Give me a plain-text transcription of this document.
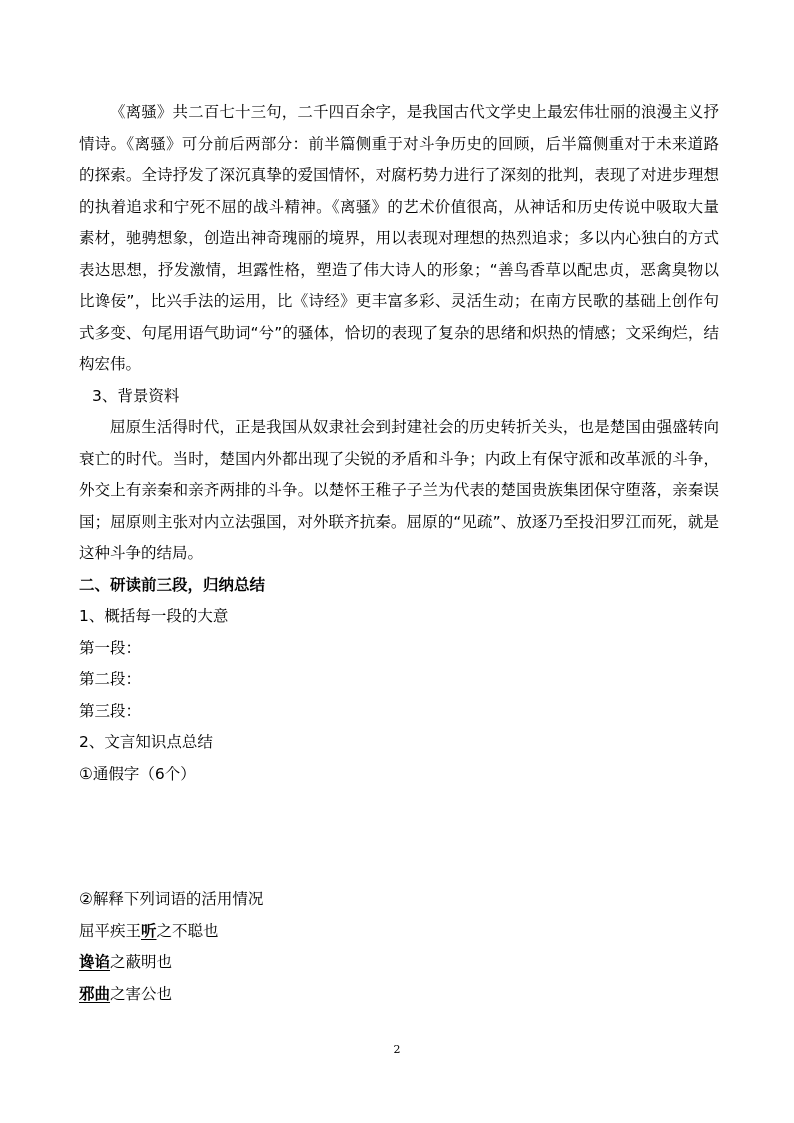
《离骚》共二百七十三句，二千四百余字，是我国古代文学史上最宏伟壮丽的浪漫主义抒情诗。《离骚》可分前后两部分：前半篇侧重于对斗争历史的回顾，后半篇侧重对于未来道路的探索。全诗抒发了深沉真挚的爱国情怀，对腐朽势力进行了深刻的批判，表现了对进步理想的执着追求和宁死不屈的战斗精神。《离骚》的艺术价值很高，从神话和历史传说中吸取大量素材，驰骋想象，创造出神奇瑰丽的境界，用以表现对理想的热烈追求；多以内心独白的方式表达思想，抒发激情，坦露性格，塑造了伟大诗人的形象；“善鸟香草以配忠贞，恶禽臭物以比谗佞”，比兴手法的运用，比《诗经》更丰富多彩、灵活生动；在南方民歌的基础上创作句式多变、句尾用语气助词“兮”的骚体，恰切的表现了复杂的思绪和炽热的情感；文采绚烂，结构宏伟。

3、背景资料

屈原生活得时代，正是我国从奴隶社会到封建社会的历史转折关头，也是楚国由强盛转向衰亡的时代。当时，楚国内外都出现了尖锐的矛盾和斗争；内政上有保守派和改革派的斗争，外交上有亲秦和亲齐两排的斗争。以楚怀王稚子子兰为代表的楚国贵族集团保守堕落，亲秦误国；屈原则主张对内立法强国，对外联齐抗秦。屈原的“见疏”、放逐乃至投汨罗江而死，就是这种斗争的结局。

二、研读前三段，归纳总结

1、概括每一段的大意

第一段：

第二段：

第三段：

2、文言知识点总结

①通假字（6个）

②解释下列词语的活用情况

屈平疾王听之不聪也

谗谄之蔽明也

邪曲之害公也

2
